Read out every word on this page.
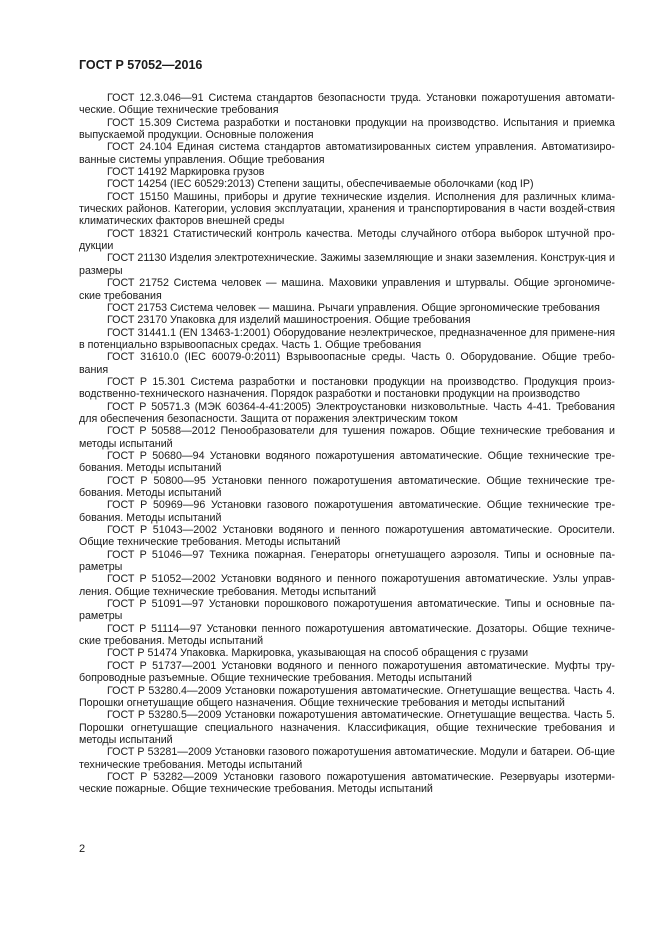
ГОСТ Р 57052—2016

ГОСТ 12.3.046—91 Система стандартов безопасности труда. Установки пожаротушения автомати-ческие. Общие технические требования

ГОСТ 15.309 Система разработки и постановки продукции на производство. Испытания и приемка выпускаемой продукции. Основные положения

ГОСТ 24.104 Единая система стандартов автоматизированных систем управления. Автоматизиро-ванные системы управления. Общие требования

ГОСТ 14192 Маркировка грузов

ГОСТ 14254 (IEC 60529:2013) Степени защиты, обеспечиваемые оболочками (код IP)

ГОСТ 15150 Машины, приборы и другие технические изделия. Исполнения для различных клима-тических районов. Категории, условия эксплуатации, хранения и транспортирования в части воздей-ствия климатических факторов внешней среды

ГОСТ 18321 Статистический контроль качества. Методы случайного отбора выборок штучной про-дукции

ГОСТ 21130 Изделия электротехнические. Зажимы заземляющие и знаки заземления. Конструк-ция и размеры

ГОСТ 21752 Система человек — машина. Маховики управления и штурвалы. Общие эргономиче-ские требования

ГОСТ 21753 Система человек — машина. Рычаги управления. Общие эргономические требования

ГОСТ 23170 Упаковка для изделий машиностроения. Общие требования

ГОСТ 31441.1 (EN 13463-1:2001) Оборудование неэлектрическое, предназначенное для примене-ния в потенциально взрывоопасных средах. Часть 1. Общие требования

ГОСТ 31610.0 (IEC 60079-0:2011) Взрывоопасные среды. Часть 0. Оборудование. Общие требо-вания

ГОСТ Р 15.301 Система разработки и постановки продукции на производство. Продукция произ-водственно-технического назначения. Порядок разработки и постановки продукции на производство

ГОСТ Р 50571.3 (МЭК 60364-4-41:2005) Электроустановки низковольтные. Часть 4-41. Требования для обеспечения безопасности. Защита от поражения электрическим током

ГОСТ Р 50588—2012 Пенообразователи для тушения пожаров. Общие технические требования и методы испытаний

ГОСТ Р 50680—94 Установки водяного пожаротушения автоматические. Общие технические тре-бования. Методы испытаний

ГОСТ Р 50800—95 Установки пенного пожаротушения автоматические. Общие технические тре-бования. Методы испытаний

ГОСТ Р 50969—96 Установки газового пожаротушения автоматические. Общие технические тре-бования. Методы испытаний

ГОСТ Р 51043—2002 Установки водяного и пенного пожаротушения автоматические. Оросители. Общие технические требования. Методы испытаний

ГОСТ Р 51046—97 Техника пожарная. Генераторы огнетушащего аэрозоля. Типы и основные па-раметры

ГОСТ Р 51052—2002 Установки водяного и пенного пожаротушения автоматические. Узлы управ-ления. Общие технические требования. Методы испытаний

ГОСТ Р 51091—97 Установки порошкового пожаротушения автоматические. Типы и основные па-раметры

ГОСТ Р 51114—97 Установки пенного пожаротушения автоматические. Дозаторы. Общие техниче-ские требования. Методы испытаний

ГОСТ Р 51474 Упаковка. Маркировка, указывающая на способ обращения с грузами

ГОСТ Р 51737—2001 Установки водяного и пенного пожаротушения автоматические. Муфты тру-бопроводные разъемные. Общие технические требования. Методы испытаний

ГОСТ Р 53280.4—2009 Установки пожаротушения автоматические. Огнетушащие вещества. Часть 4. Порошки огнетушащие общего назначения. Общие технические требования и методы испытаний

ГОСТ Р 53280.5—2009 Установки пожаротушения автоматические. Огнетушащие вещества. Часть 5. Порошки огнетушащие специального назначения. Классификация, общие технические требования и методы испытаний

ГОСТ Р 53281—2009 Установки газового пожаротушения автоматические. Модули и батареи. Об-щие технические требования. Методы испытаний

ГОСТ Р 53282—2009 Установки газового пожаротушения автоматические. Резервуары изотерми-ческие пожарные. Общие технические требования. Методы испытаний

2
